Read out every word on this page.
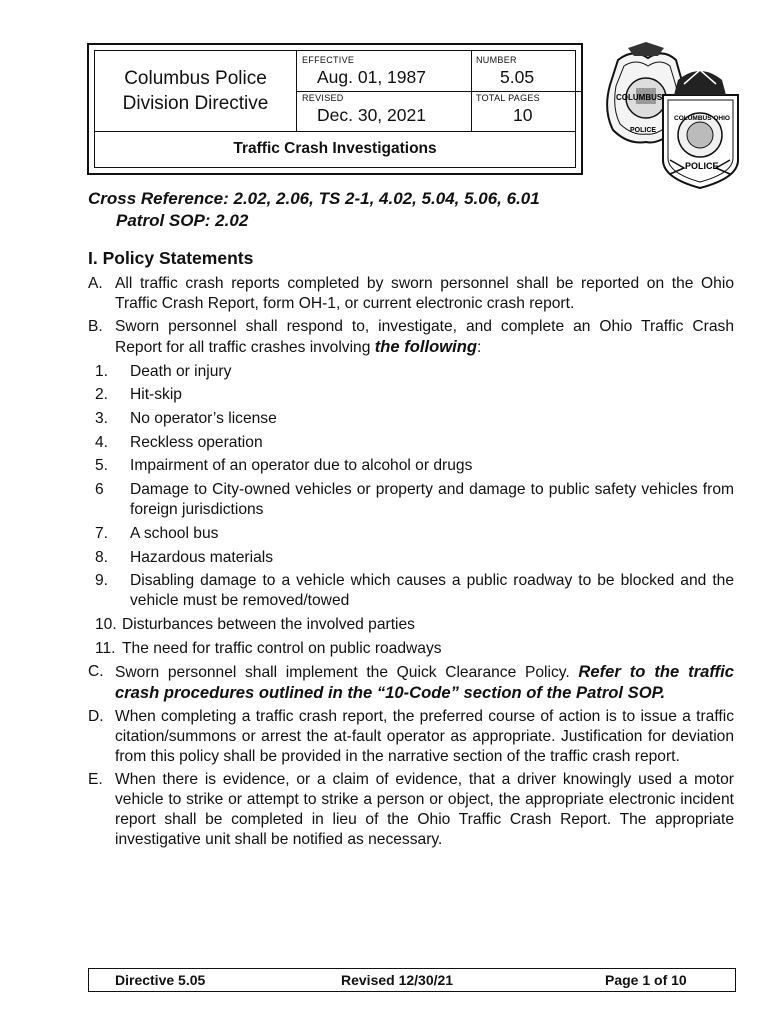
Columbus Police
Division Directive
EFFECTIVE
Aug. 01, 1987
REVISED
Dec. 30, 2021
NUMBER
5.05
TOTAL PAGES
10
Traffic Crash Investigations
COLUMBUS
POLICE
COLUMBUS OHIO
POLICE
Cross Reference: 2.02, 2.06, TS 2-1, 4.02, 5.04, 5.06, 6.01
Patrol SOP: 2.02
I. Policy Statements
A. All traffic crash reports completed by sworn personnel shall be reported on the Ohio Traffic Crash Report, form OH-1, or current electronic crash report.
B. Sworn personnel shall respond to, investigate, and complete an Ohio Traffic Crash Report for all traffic crashes involving the following:
1.	Death or injury
2.	Hit-skip
3.	No operator’s license
4.	Reckless operation
5.	Impairment of an operator due to alcohol or drugs
6	Damage to City-owned vehicles or property and damage to public safety vehicles from foreign jurisdictions
7.	A school bus
8.	Hazardous materials
9.	Disabling damage to a vehicle which causes a public roadway to be blocked and the vehicle must be removed/towed
10. Disturbances between the involved parties
11. The need for traffic control on public roadways
C. Sworn personnel shall implement the Quick Clearance Policy. Refer to the traffic crash procedures outlined in the “10-Code” section of the Patrol SOP.
D. When completing a traffic crash report, the preferred course of action is to issue a traffic citation/summons or arrest the at-fault operator as appropriate. Justification for deviation from this policy shall be provided in the narrative section of the traffic crash report.
E. When there is evidence, or a claim of evidence, that a driver knowingly used a motor vehicle to strike or attempt to strike a person or object, the appropriate electronic incident report shall be completed in lieu of the Ohio Traffic Crash Report. The appropriate investigative unit shall be notified as necessary.
Directive 5.05	Revised 12/30/21	Page 1 of 10
